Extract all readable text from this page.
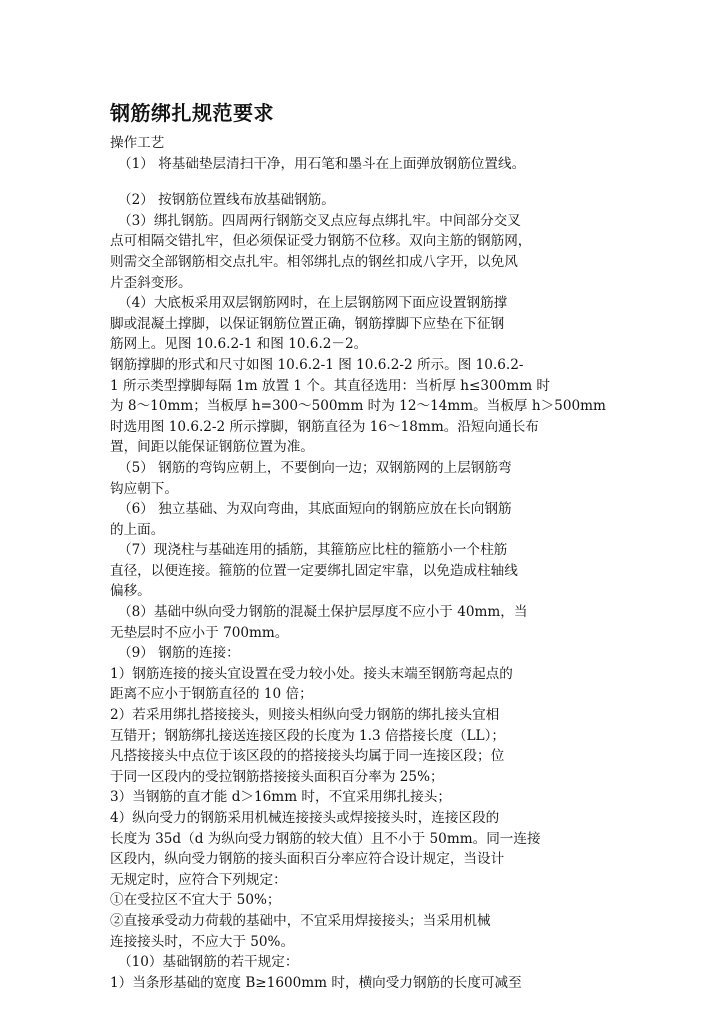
钢筋绑扎规范要求
操作工艺
（1） 将基础垫层清扫干净，用石笔和墨斗在上面弹放钢筋位置线。
（2） 按钢筋位置线布放基础钢筋。
（3）绑扎钢筋。四周两行钢筋交叉点应每点绑扎牢。中间部分交叉
点可相隔交错扎牢，但必须保证受力钢筋不位移。双向主筋的钢筋网，
则需交全部钢筋相交点扎牢。相邻绑扎点的钢丝扣成八字开，以免风
片歪斜变形。
（4）大底板采用双层钢筋网时，在上层钢筋网下面应设置钢筋撑
脚或混凝土撑脚，以保证钢筋位置正确，钢筋撑脚下应垫在下征钢
筋网上。见图 10.6.2-1 和图 10.6.2－2。
钢筋撑脚的形式和尺寸如图 10.6.2-1 图 10.6.2-2 所示。图 10.6.2-
1 所示类型撑脚每隔 1m 放置 1 个。其直径选用：当析厚 h≤300mm 时
为 8～10mm；当板厚 h=300～500mm 时为 12～14mm。当板厚 h＞500mm
时选用图 10.6.2-2 所示撑脚，钢筋直径为 16～18mm。沿短向通长布
置，间距以能保证钢筋位置为准。
（5） 钢筋的弯钩应朝上，不要倒向一边；双钢筋网的上层钢筋弯
钩应朝下。
（6） 独立基础、为双向弯曲，其底面短向的钢筋应放在长向钢筋
的上面。
（7）现浇柱与基础连用的插筋，其箍筋应比柱的箍筋小一个柱筋
直径，以便连接。箍筋的位置一定要绑扎固定牢靠，以免造成柱轴线
偏移。
（8）基础中纵向受力钢筋的混凝土保护层厚度不应小于 40mm，当
无垫层时不应小于 700mm。
（9） 钢筋的连接：
1）钢筋连接的接头宜设置在受力较小处。接头末端至钢筋弯起点的
距离不应小于钢筋直径的 10 倍；
2）若采用绑扎搭接接头，则接头相纵向受力钢筋的绑扎接头宜相
互错开；钢筋绑扎接送连接区段的长度为 1.3 倍搭接长度（LL）；
凡搭接接头中点位于该区段的的搭接接头均属于同一连接区段；位
于同一区段内的受拉钢筋搭接接头面积百分率为 25%；
3）当钢筋的直才能 d＞16mm 时，不宜采用绑扎接头；
4）纵向受力的钢筋采用机械连接接头或焊接接头时，连接区段的
长度为 35d（d 为纵向受力钢筋的较大值）且不小于 50mm。同一连接
区段内，纵向受力钢筋的接头面积百分率应符合设计规定，当设计
无规定时，应符合下列规定：
①在受拉区不宜大于 50%；
②直接承受动力荷载的基础中，不宜采用焊接接头；当采用机械
连接接头时，不应大于 50%。
（10）基础钢筋的若干规定：
1）当条形基础的宽度 B≥1600mm 时，横向受力钢筋的长度可减至
